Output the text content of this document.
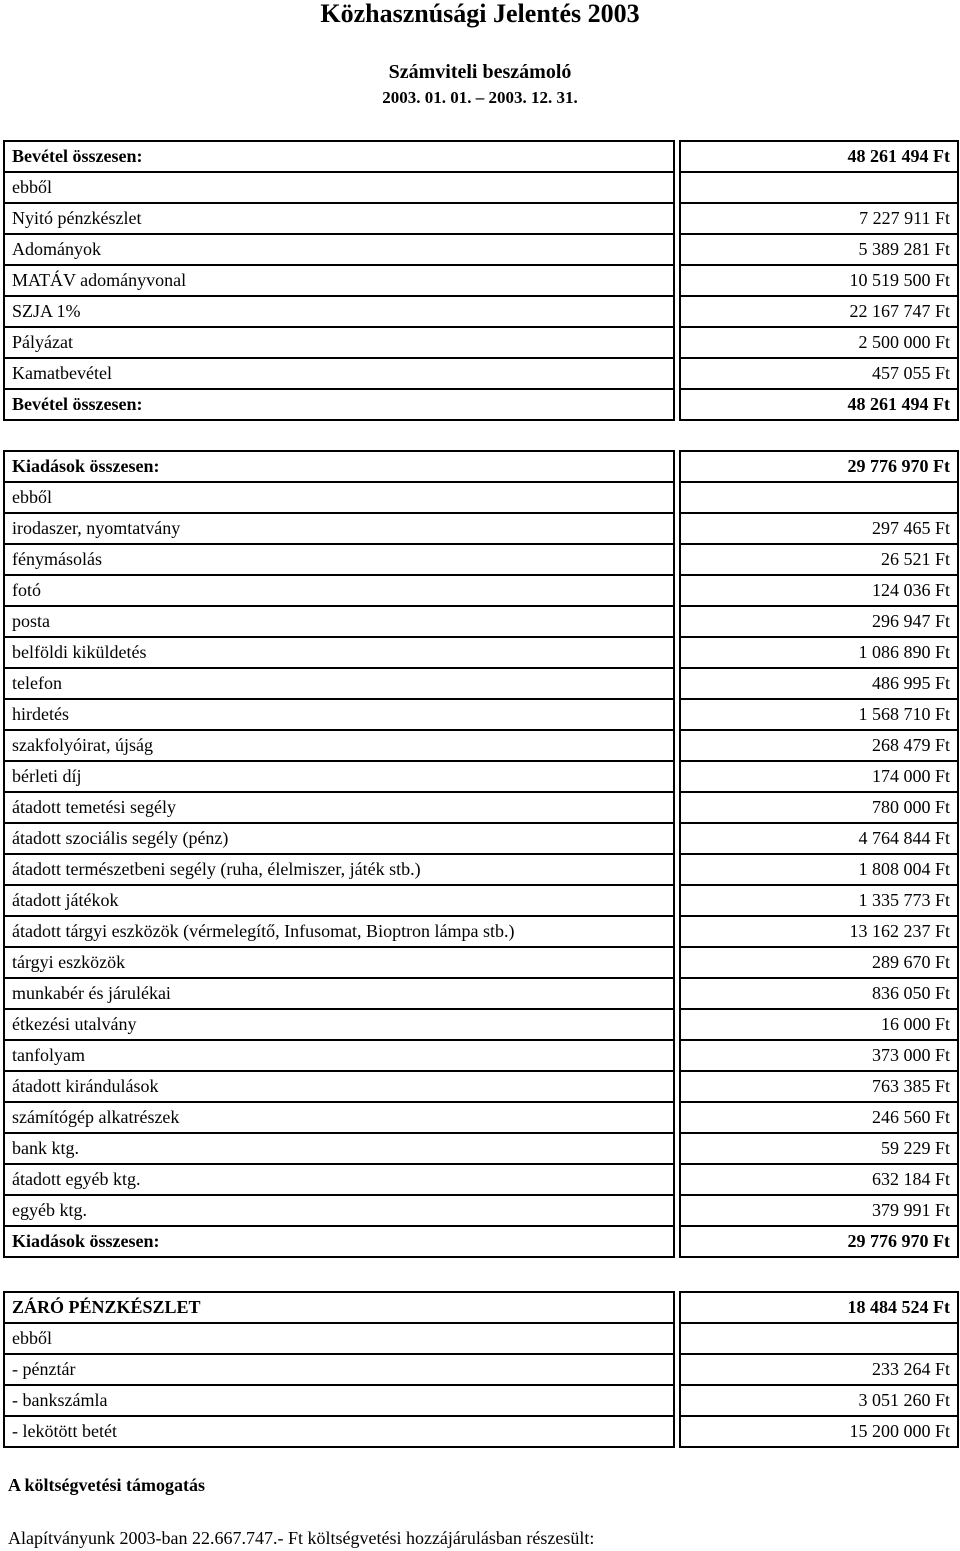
Közhasznúsági Jelentés 2003
Számviteli beszámoló
2003. 01. 01. – 2003. 12. 31.
Bevétel összesen:	48 261 494 Ft
ebből
Nyitó pénzkészlet	7 227 911 Ft
Adományok	5 389 281 Ft
MATÁV adományvonal	10 519 500 Ft
SZJA 1%	22 167 747 Ft
Pályázat	2 500 000 Ft
Kamatbevétel	457 055 Ft
Bevétel összesen:	48 261 494 Ft
Kiadások összesen:	29 776 970 Ft
ebből
irodaszer, nyomtatvány	297 465 Ft
fénymásolás	26 521 Ft
fotó	124 036 Ft
posta	296 947 Ft
belföldi kiküldetés	1 086 890 Ft
telefon	486 995 Ft
hirdetés	1 568 710 Ft
szakfolyóirat, újság	268 479 Ft
bérleti díj	174 000 Ft
átadott temetési segély	780 000 Ft
átadott szociális segély (pénz)	4 764 844 Ft
átadott természetbeni segély (ruha, élelmiszer, játék stb.)	1 808 004 Ft
átadott játékok	1 335 773 Ft
átadott tárgyi eszközök (vérmelegítő, Infusomat, Bioptron lámpa stb.)	13 162 237 Ft
tárgyi eszközök	289 670 Ft
munkabér és járulékai	836 050 Ft
étkezési utalvány	16 000 Ft
tanfolyam	373 000 Ft
átadott kirándulások	763 385 Ft
számítógép alkatrészek	246 560 Ft
bank ktg.	59 229 Ft
átadott egyéb ktg.	632 184 Ft
egyéb ktg.	379 991 Ft
Kiadások összesen:	29 776 970 Ft
ZÁRÓ PÉNZKÉSZLET	18 484 524 Ft
ebből
- pénztár	233 264 Ft
- bankszámla	3 051 260 Ft
- lekötött betét	15 200 000 Ft
A költségvetési támogatás
Alapítványunk 2003-ban 22.667.747.- Ft költségvetési hozzájárulásban részesült:
